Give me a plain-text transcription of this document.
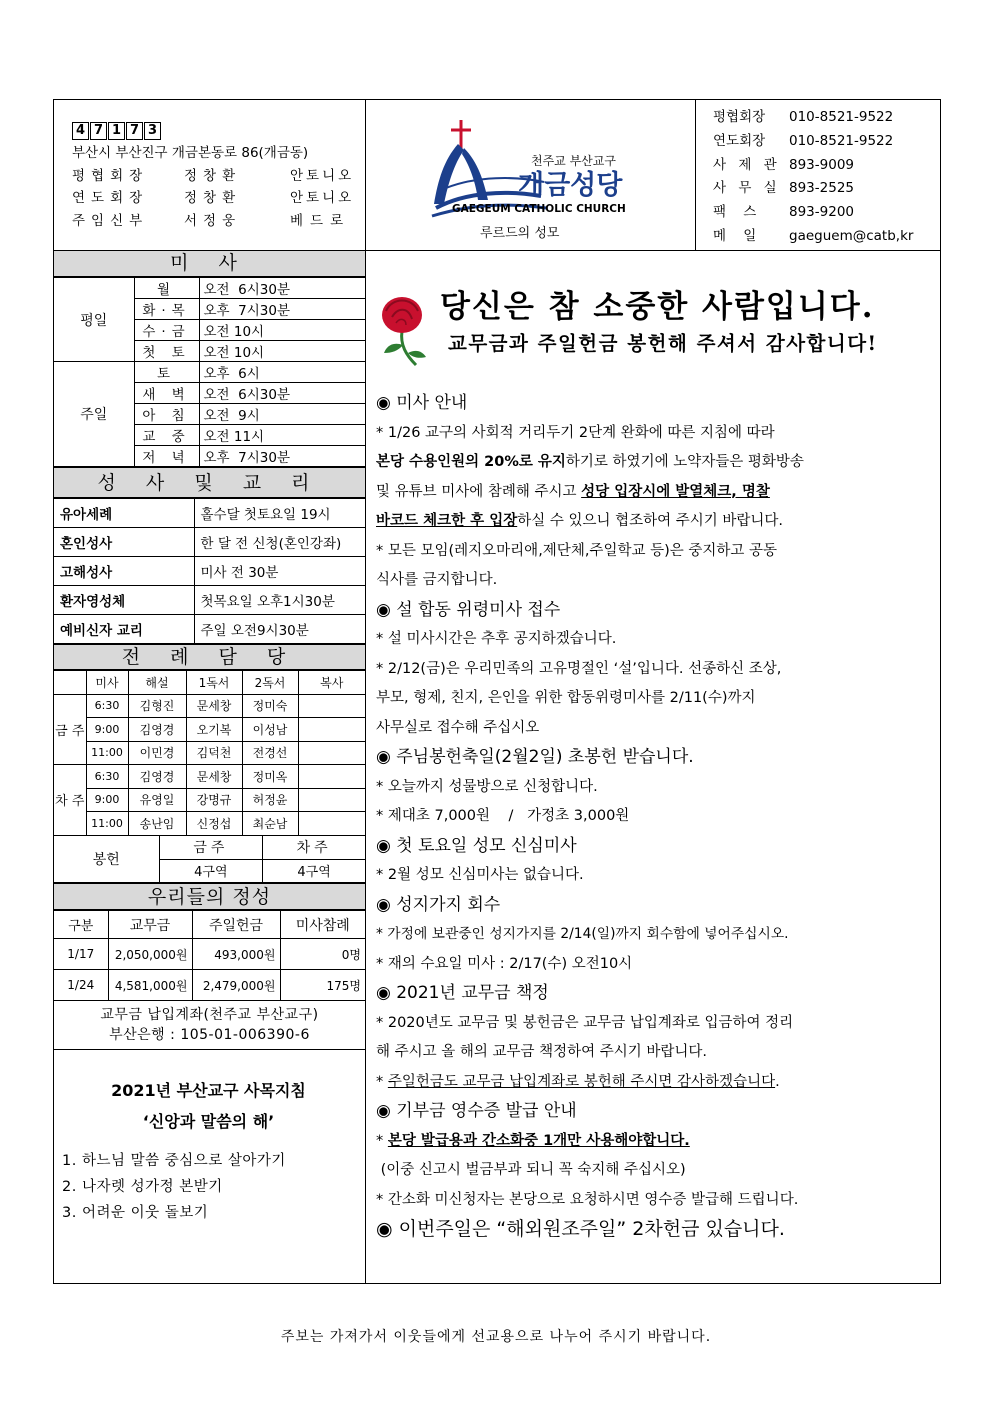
4 7 1 7 3
부산시 부산진구 개금본동로 86(개금동)
평협회장	정창환	안토니오
연도회장	정창환	안토니오
주임신부	서정웅	베드로
천주교 부산교구
개금성당
GAEGEUM CATHOLIC CHURCH
루르드의 성모
평협회장	010-8521-9522
연도회장	010-8521-9522
사 제 관 893-9009
사 무 실 893-2525
팩    스	893-9200
메    일	gaeguem@catb,kr
미 사
평일	월	오전  6시30분
	화·목	오후  7시30분
	수·금	오전 10시
	첫 토	오전 10시
주일	토	오후  6시
	새 벽	오전  6시30분
	아 침	오전  9시
	교 중	오전 11시
	저 녁	오후  7시30분
성 사 및 교 리
유아세례	홀수달 첫토요일 19시
혼인성사	한 달 전 신청(혼인강좌)
고해성사	미사 전 30분
환자영성체	첫목요일 오후1시30분
예비신자 교리	주일 오전9시30분
전 례 담 당
	미사	해설	1독서	2독서	복사
금 주	6:30	김형진	문세창	정미숙	
	9:00	김영경	오기복	이성남	
	11:00	이민경	김덕천	전경선	
차 주	6:30	김영경	문세창	정미옥	
	9:00	유영일	강명규	허정윤	
	11:00	송난임	신정섭	최순남	
봉헌	금주	차주
	4구역	4구역
우리들의 정성
구분	교무금	주일헌금	미사참례
1/17	2,050,000원	493,000원	0명
1/24	4,581,000원	2,479,000원	175명
교무금 납입계좌(천주교 부산교구)
부산은행 : 105-01-006390-6
2021년 부산교구 사목지침
‘신앙과 말씀의 해’
1. 하느님 말씀 중심으로 살아가기
2. 나자렛 성가정 본받기
3. 어려운 이웃 돌보기
당신은 참 소중한 사람입니다.
교무금과 주일헌금 봉헌해 주셔서 감사합니다!

◉ 미사 안내

* 1/26 교구의 사회적 거리두기 2단계 완화에 따른 지침에 따라

본당 수용인원의 20%로 유지하기로 하였기에 노약자들은 평화방송

및 유튜브 미사에 참례해 주시고 성당 입장시에 발열체크, 명찰

바코드 체크한 후 입장하실 수 있으니 협조하여 주시기 바랍니다.

* 모든 모임(레지오마리애,제단체,주일학교 등)은 중지하고 공동

식사를 금지합니다.

◉ 설 합동 위령미사 접수

* 설 미사시간은 추후 공지하겠습니다.

* 2/12(금)은 우리민족의 고유명절인 ‘설’입니다. 선종하신 조상,

부모, 형제, 친지, 은인을 위한 합동위령미사를 2/11(수)까지

사무실로 접수해 주십시오

◉ 주님봉헌축일(2월2일) 초봉헌 받습니다.

* 오늘까지 성물방으로 신청합니다.

* 제대초 7,000원    /   가정초 3,000원

◉ 첫 토요일 성모 신심미사

* 2월 성모 신심미사는 없습니다.

◉ 성지가지 회수

* 가정에 보관중인 성지가지를 2/14(일)까지 회수함에 넣어주십시오.

* 재의 수요일 미사 : 2/17(수) 오전10시

◉ 2021년 교무금 책정

* 2020년도 교무금 및 봉헌금은 교무금 납입계좌로 입금하여 정리

해 주시고 올 해의 교무금 책정하여 주시기 바랍니다.

* 주일헌금도 교무금 납입계좌로 봉헌해 주시면 감사하겠습니다.

◉ 기부금 영수증 발급 안내

* 본당 발급용과 간소화중 1개만 사용해야합니다.

(이중 신고시 벌금부과 되니 꼭 숙지해 주십시오)

* 간소화 미신청자는 본당으로 요청하시면 영수증 발급해 드립니다.

◉ 이번주일은 “해외원조주일” 2차헌금 있습니다.

주보는 가져가서 이웃들에게 선교용으로 나누어 주시기 바랍니다.
